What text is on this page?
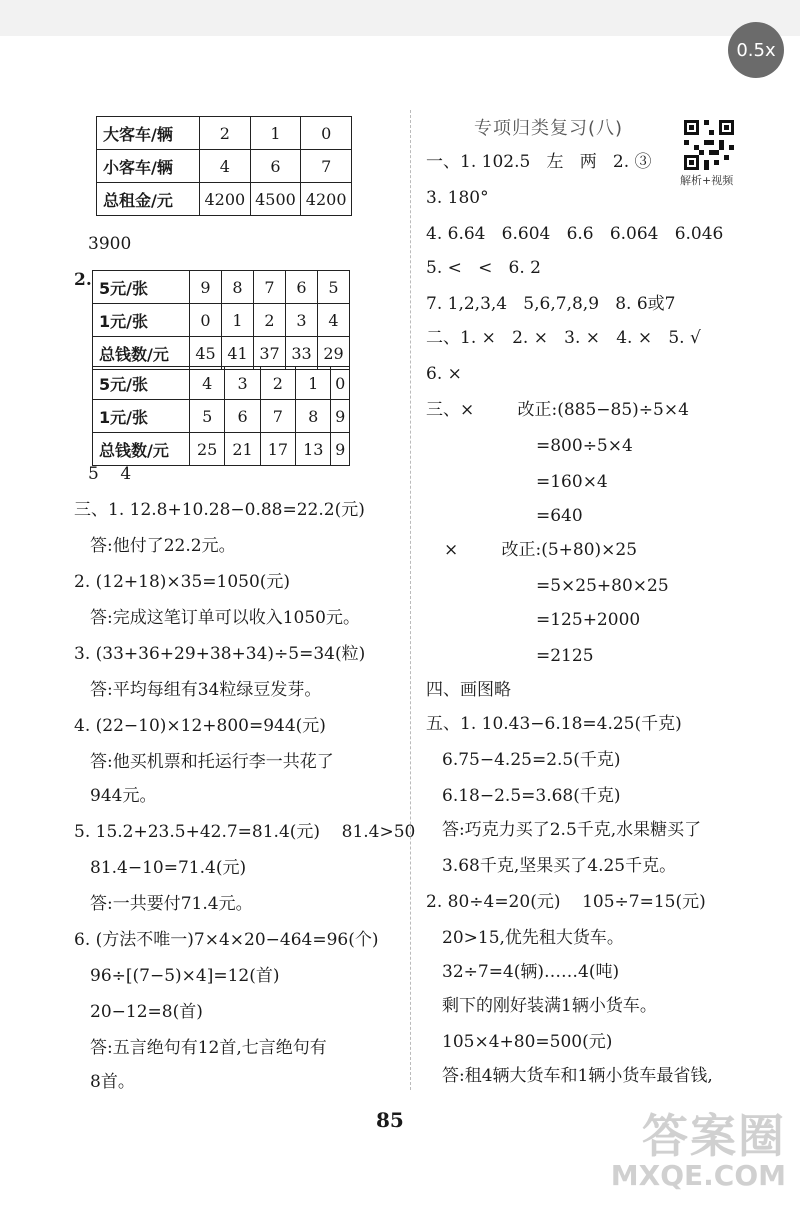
0.5x
大客车/辆	2	1	0
小客车/辆	4	6	7
总租金/元	4200	4500	4200
3900
2. 5元/张	9	8	7	6	5
1元/张	0	1	2	3	4
总钱数/元	45	41	37	33	29
5元/张	4	3	2	1	0
1元/张	5	6	7	8	9
总钱数/元	25	21	17	13	9
5    4
三、1. 12.8+10.28−0.88=22.2(元)
答:他付了22.2元。
2. (12+18)×35=1050(元)
答:完成这笔订单可以收入1050元。
3. (33+36+29+38+34)÷5=34(粒)
答:平均每组有34粒绿豆发芽。
4. (22−10)×12+800=944(元)
答:他买机票和托运行李一共花了
944元。
5. 15.2+23.5+42.7=81.4(元)    81.4>50
81.4−10=71.4(元)
答:一共要付71.4元。
6. (方法不唯一)7×4×20−464=96(个)
96÷[(7−5)×4]=12(首)
20−12=8(首)
答:五言绝句有12首,七言绝句有
8首。
专项归类复习(八)
解析+视频
一、1. 102.5   左   两   2. ③
3. 180°
4. 6.64   6.604   6.6   6.064   6.046
5. <   <   6. 2
7. 1,2,3,4   5,6,7,8,9   8. 6或7
二、1. ×   2. ×   3. ×   4. ×   5. √
6. ×
三、×        改正:(885−85)÷5×4
=800÷5×4
=160×4
=640
×        改正:(5+80)×25
=5×25+80×25
=125+2000
=2125
四、画图略
五、1. 10.43−6.18=4.25(千克)
6.75−4.25=2.5(千克)
6.18−2.5=3.68(千克)
答:巧克力买了2.5千克,水果糖买了
3.68千克,坚果买了4.25千克。
2. 80÷4=20(元)    105÷7=15(元)
20>15,优先租大货车。
32÷7=4(辆)……4(吨)
剩下的刚好装满1辆小货车。
105×4+80=500(元)
答:租4辆大货车和1辆小货车最省钱,
85	答案圈
MXQE.COM
